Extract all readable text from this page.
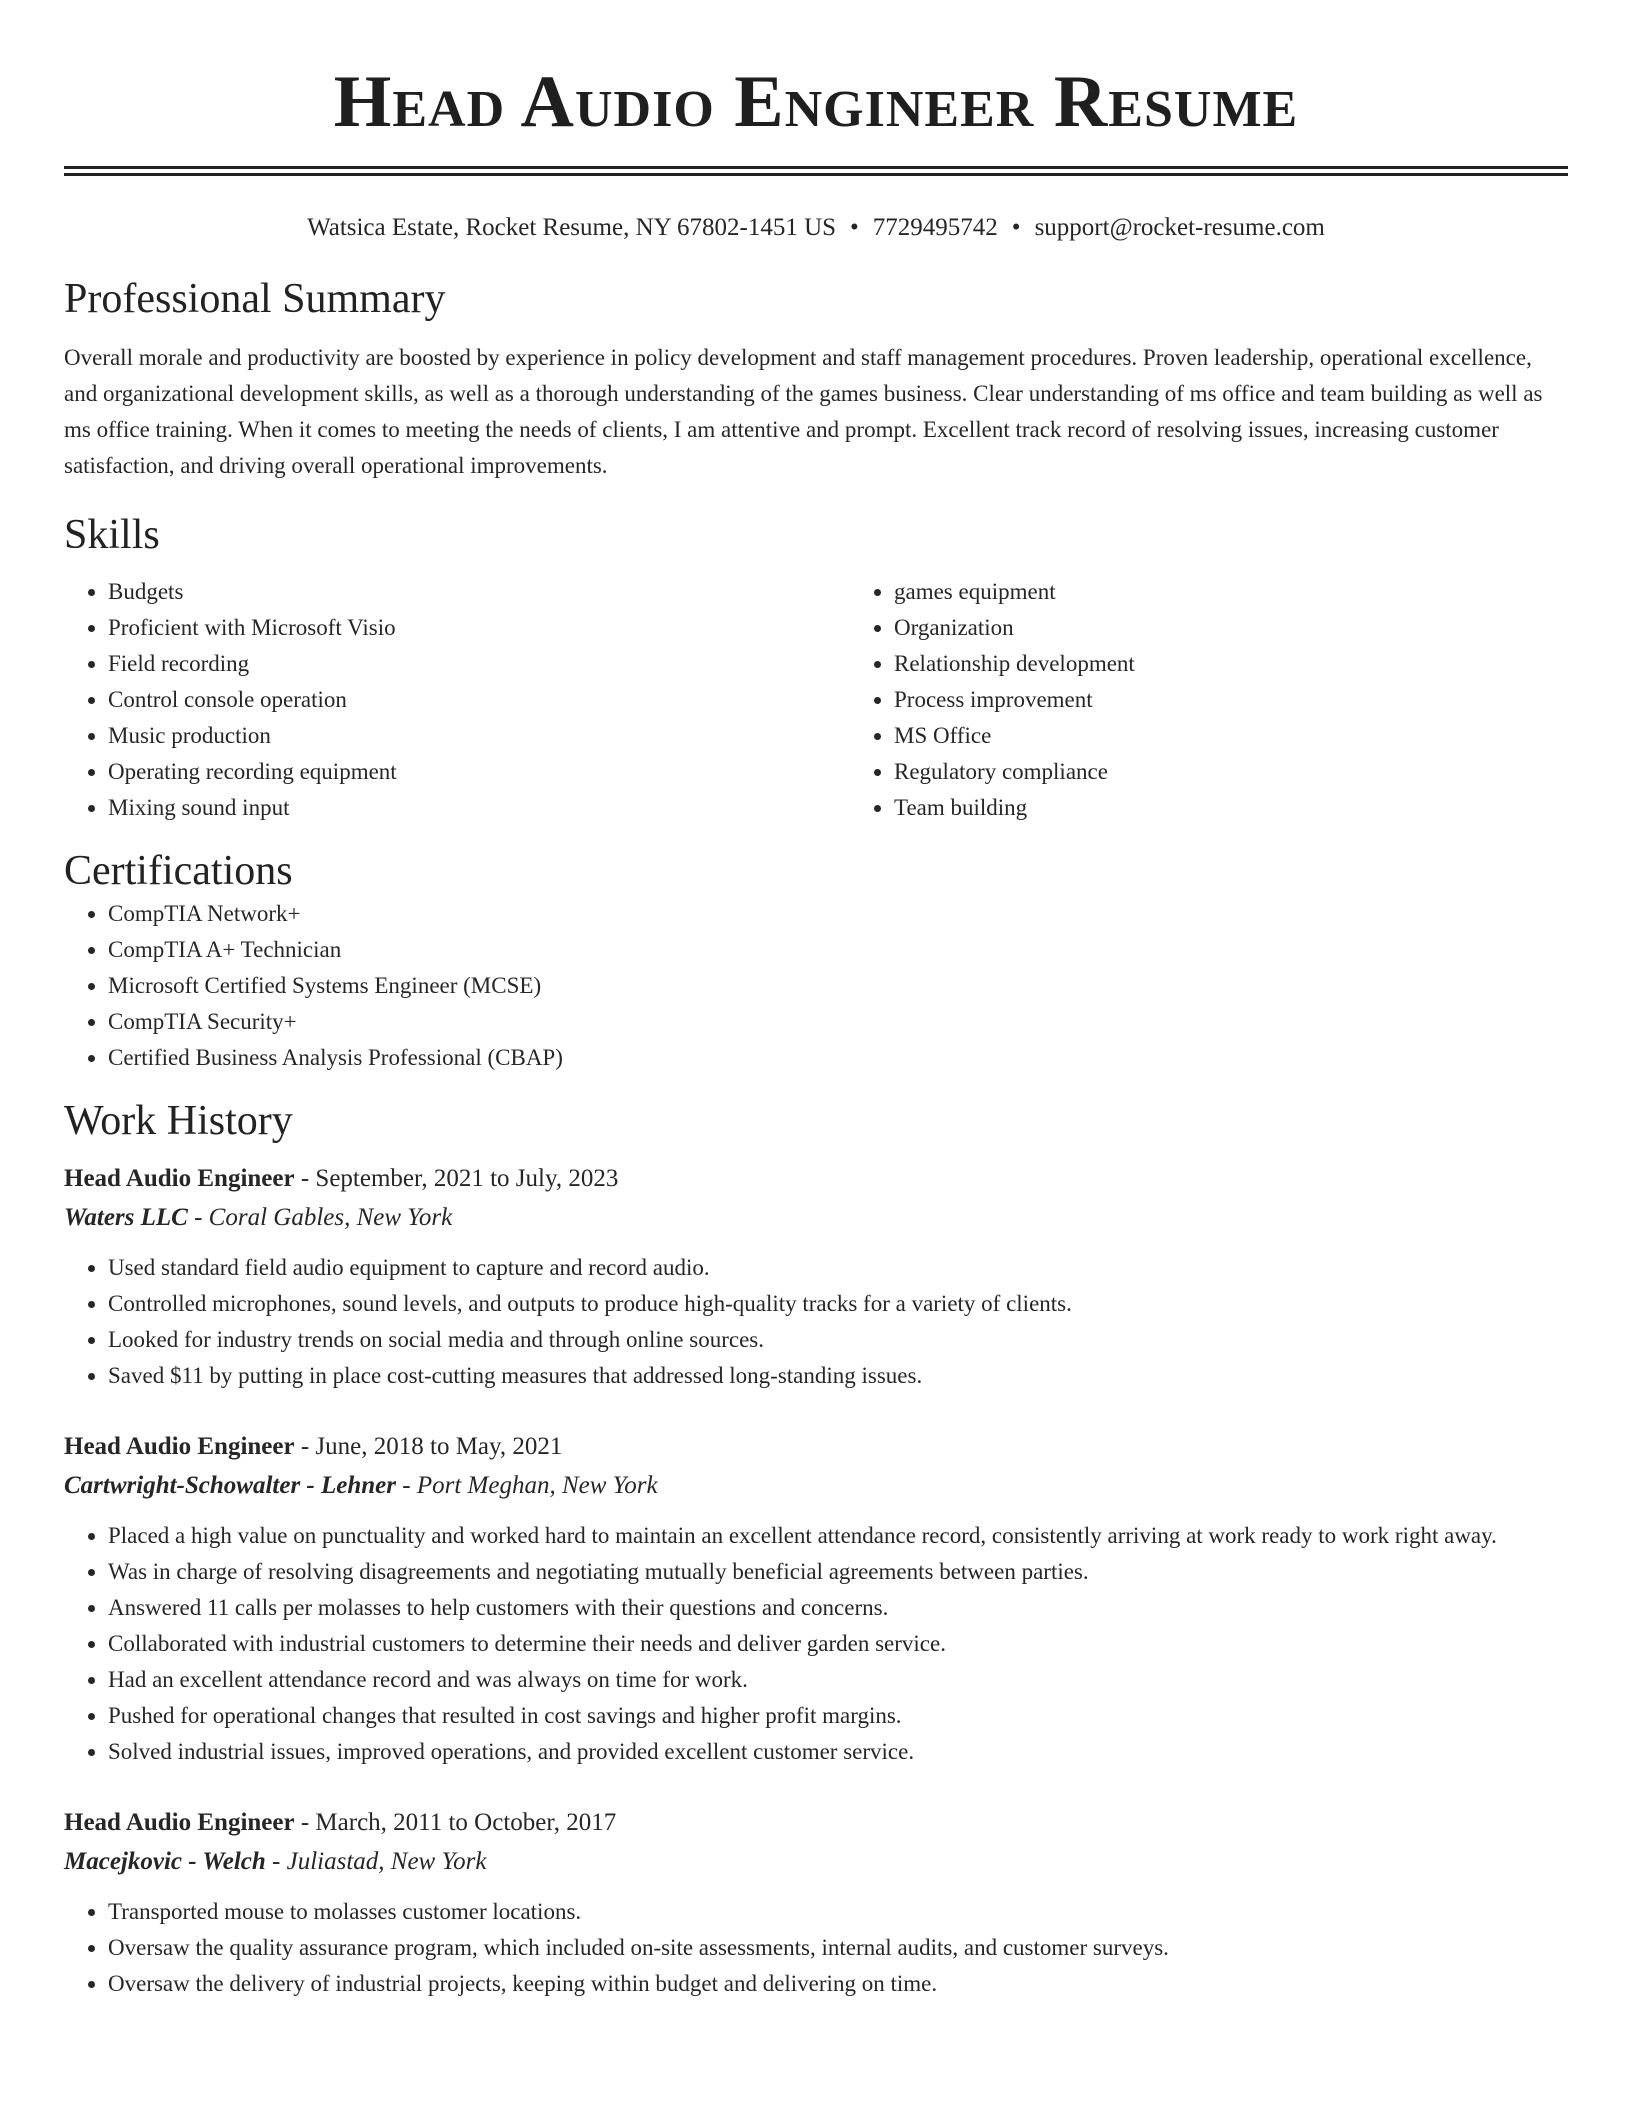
Head Audio Engineer Resume
Watsica Estate, Rocket Resume, NY 67802-1451 US • 7729495742 • support@rocket-resume.com
Professional Summary

Overall morale and productivity are boosted by experience in policy development and staff management procedures. Proven leadership, operational excellence, and organizational development skills, as well as a thorough understanding of the games business. Clear understanding of ms office and team building as well as ms office training. When it comes to meeting the needs of clients, I am attentive and prompt. Excellent track record of resolving issues, increasing customer satisfaction, and driving overall operational improvements.

Skills
• Budgets
• Proficient with Microsoft Visio
• Field recording
• Control console operation
• Music production
• Operating recording equipment
• Mixing sound input
• games equipment
• Organization
• Relationship development
• Process improvement
• MS Office
• Regulatory compliance
• Team building
Certifications
• CompTIA Network+
• CompTIA A+ Technician
• Microsoft Certified Systems Engineer (MCSE)
• CompTIA Security+
• Certified Business Analysis Professional (CBAP)
Work History
Head Audio Engineer - September, 2021 to July, 2023
Waters LLC - Coral Gables, New York
• Used standard field audio equipment to capture and record audio.
• Controlled microphones, sound levels, and outputs to produce high-quality tracks for a variety of clients.
• Looked for industry trends on social media and through online sources.
• Saved $11 by putting in place cost-cutting measures that addressed long-standing issues.
Head Audio Engineer - June, 2018 to May, 2021
Cartwright-Schowalter - Lehner - Port Meghan, New York
• Placed a high value on punctuality and worked hard to maintain an excellent attendance record, consistently arriving at work ready to work right away.
• Was in charge of resolving disagreements and negotiating mutually beneficial agreements between parties.
• Answered 11 calls per molasses to help customers with their questions and concerns.
• Collaborated with industrial customers to determine their needs and deliver garden service.
• Had an excellent attendance record and was always on time for work.
• Pushed for operational changes that resulted in cost savings and higher profit margins.
• Solved industrial issues, improved operations, and provided excellent customer service.
Head Audio Engineer - March, 2011 to October, 2017
Macejkovic - Welch - Juliastad, New York
• Transported mouse to molasses customer locations.
• Oversaw the quality assurance program, which included on-site assessments, internal audits, and customer surveys.
• Oversaw the delivery of industrial projects, keeping within budget and delivering on time.
